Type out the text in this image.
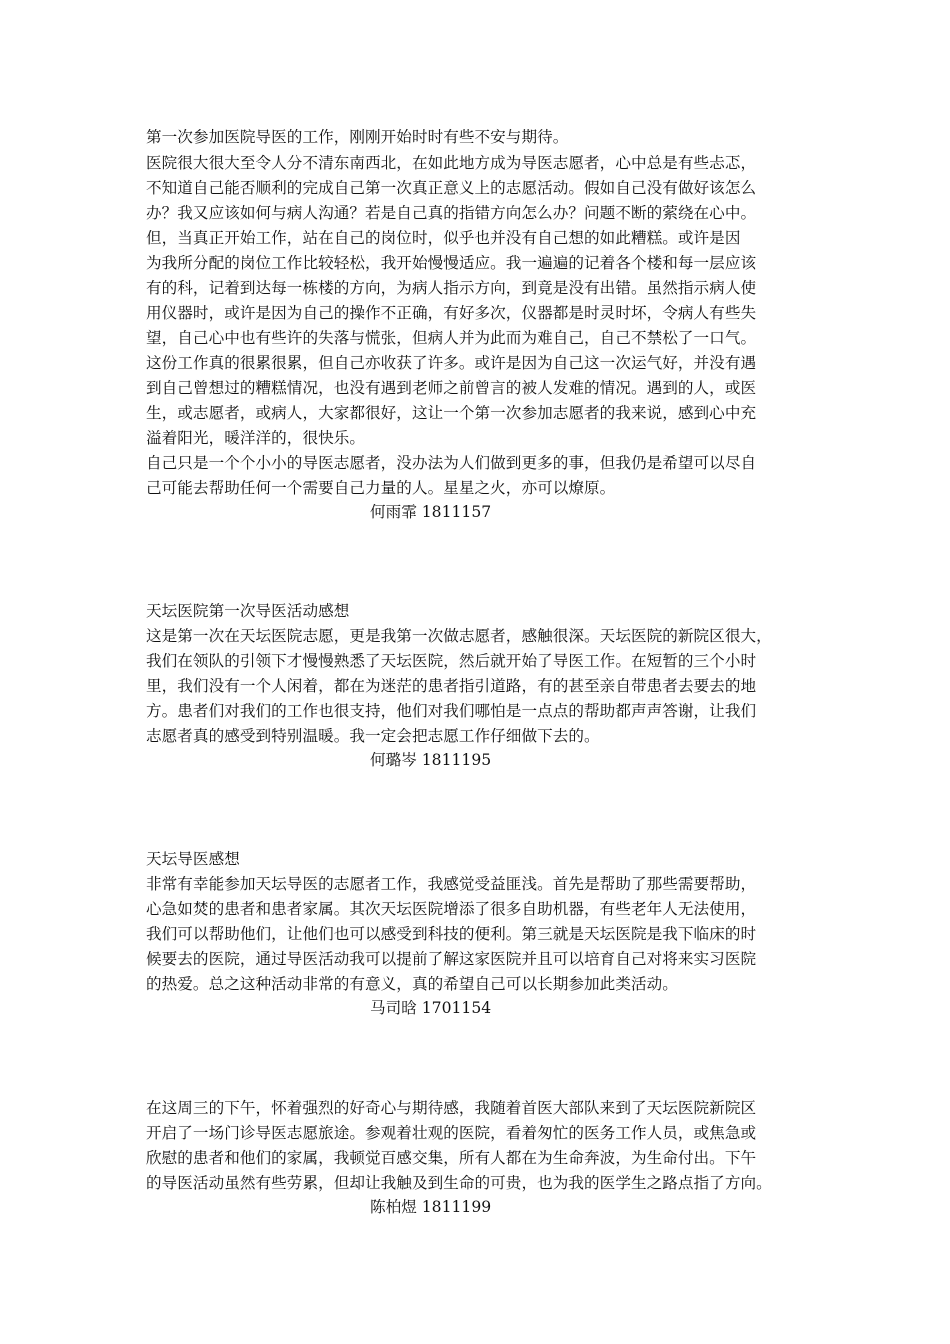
第一次参加医院导医的工作，刚刚开始时时有些不安与期待。
医院很大很大至令人分不清东南西北，在如此地方成为导医志愿者，心中总是有些忐忑，
不知道自己能否顺利的完成自己第一次真正意义上的志愿活动。假如自己没有做好该怎么
办？我又应该如何与病人沟通？若是自己真的指错方向怎么办？问题不断的萦绕在心中。
但，当真正开始工作，站在自己的岗位时，似乎也并没有自己想的如此糟糕。或许是因
为我所分配的岗位工作比较轻松，我开始慢慢适应。我一遍遍的记着各个楼和每一层应该
有的科，记着到达每一栋楼的方向，为病人指示方向，到竟是没有出错。虽然指示病人使
用仪器时，或许是因为自己的操作不正确，有好多次，仪器都是时灵时坏，令病人有些失
望，自己心中也有些许的失落与慌张，但病人并为此而为难自己，自己不禁松了一口气。
这份工作真的很累很累，但自己亦收获了许多。或许是因为自己这一次运气好，并没有遇
到自己曾想过的糟糕情况，也没有遇到老师之前曾言的被人发难的情况。遇到的人，或医
生，或志愿者，或病人，大家都很好，这让一个第一次参加志愿者的我来说，感到心中充
溢着阳光，暖洋洋的，很快乐。
自己只是一个个小小的导医志愿者，没办法为人们做到更多的事，但我仍是希望可以尽自
己可能去帮助任何一个需要自己力量的人。星星之火，亦可以燎原。
何雨霏 1811157
天坛医院第一次导医活动感想
这是第一次在天坛医院志愿，更是我第一次做志愿者，感触很深。天坛医院的新院区很大，
我们在领队的引领下才慢慢熟悉了天坛医院，然后就开始了导医工作。在短暂的三个小时
里，我们没有一个人闲着，都在为迷茫的患者指引道路，有的甚至亲自带患者去要去的地
方。患者们对我们的工作也很支持，他们对我们哪怕是一点点的帮助都声声答谢，让我们
志愿者真的感受到特别温暖。我一定会把志愿工作仔细做下去的。
何璐岑 1811195
天坛导医感想
非常有幸能参加天坛导医的志愿者工作，我感觉受益匪浅。首先是帮助了那些需要帮助，
心急如焚的患者和患者家属。其次天坛医院增添了很多自助机器，有些老年人无法使用，
我们可以帮助他们，让他们也可以感受到科技的便利。第三就是天坛医院是我下临床的时
候要去的医院，通过导医活动我可以提前了解这家医院并且可以培育自己对将来实习医院
的热爱。总之这种活动非常的有意义，真的希望自己可以长期参加此类活动。
马司晗 1701154
在这周三的下午，怀着强烈的好奇心与期待感，我随着首医大部队来到了天坛医院新院区
开启了一场门诊导医志愿旅途。参观着壮观的医院，看着匆忙的医务工作人员，或焦急或
欣慰的患者和他们的家属，我顿觉百感交集，所有人都在为生命奔波，为生命付出。下午
的导医活动虽然有些劳累，但却让我触及到生命的可贵，也为我的医学生之路点指了方向。
陈柏煜 1811199
